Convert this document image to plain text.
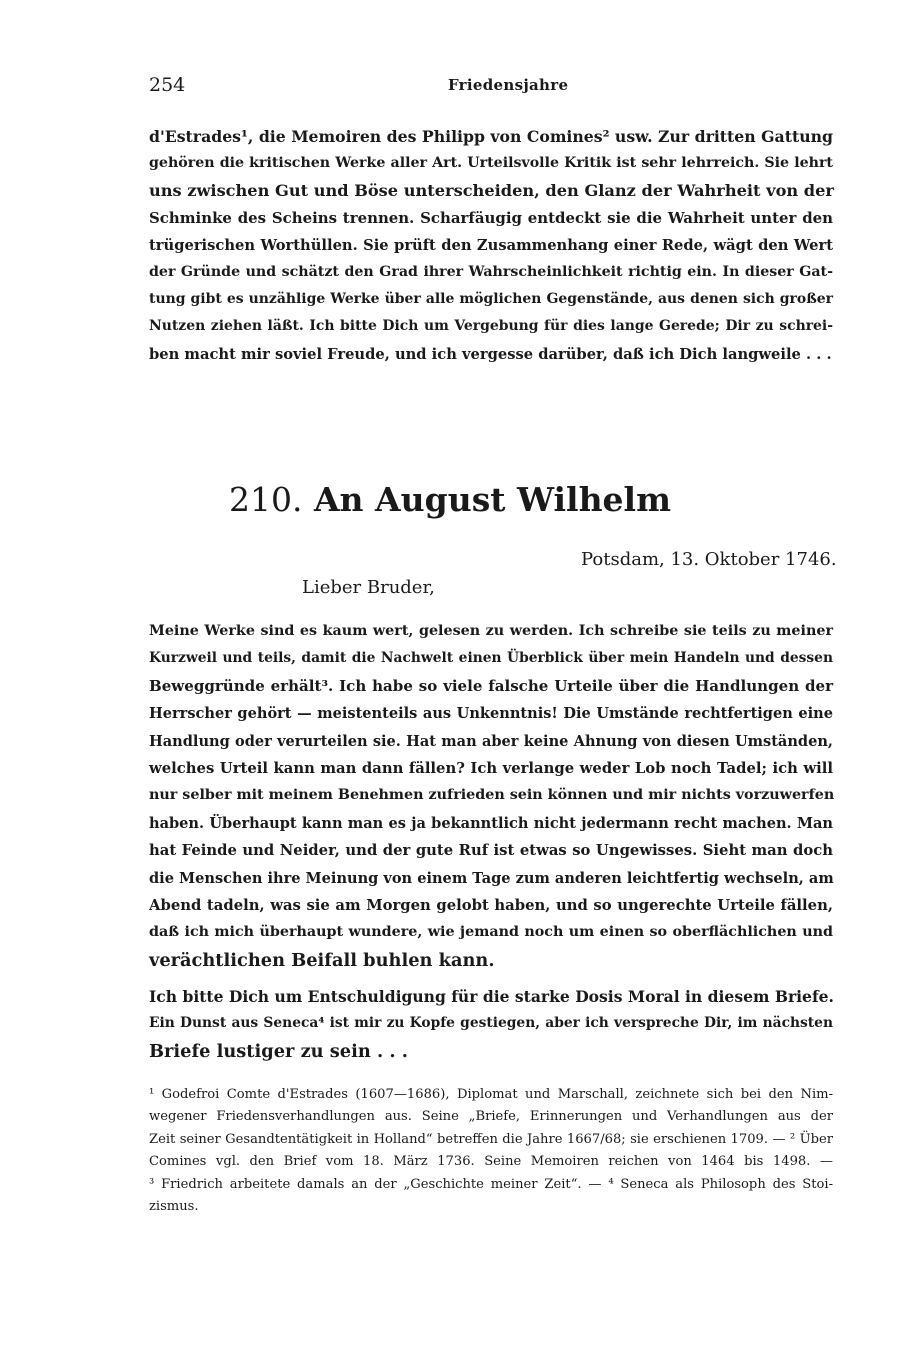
254	Friedensjahre
d'Estrades¹, die Memoiren des Philipp von Comines² usw. Zur dritten Gattung
gehören die kritischen Werke aller Art. Urteilsvolle Kritik ist sehr lehrreich. Sie lehrt
uns zwischen Gut und Böse unterscheiden, den Glanz der Wahrheit von der
Schminke des Scheins trennen. Scharfäugig entdeckt sie die Wahrheit unter den
trügerischen Worthüllen. Sie prüft den Zusammenhang einer Rede, wägt den Wert
der Gründe und schätzt den Grad ihrer Wahrscheinlichkeit richtig ein. In dieser Gat-
tung gibt es unzählige Werke über alle möglichen Gegenstände, aus denen sich großer
Nutzen ziehen läßt. Ich bitte Dich um Vergebung für dies lange Gerede; Dir zu schrei-
ben macht mir soviel Freude, und ich vergesse darüber, daß ich Dich langweile . . .
210. An August Wilhelm
Potsdam, 13. Oktober 1746.
Lieber Bruder,
Meine Werke sind es kaum wert, gelesen zu werden. Ich schreibe sie teils zu meiner
Kurzweil und teils, damit die Nachwelt einen Überblick über mein Handeln und dessen
Beweggründe erhält³. Ich habe so viele falsche Urteile über die Handlungen der
Herrscher gehört — meistenteils aus Unkenntnis! Die Umstände rechtfertigen eine
Handlung oder verurteilen sie. Hat man aber keine Ahnung von diesen Umständen,
welches Urteil kann man dann fällen? Ich verlange weder Lob noch Tadel; ich will
nur selber mit meinem Benehmen zufrieden sein können und mir nichts vorzuwerfen
haben. Überhaupt kann man es ja bekanntlich nicht jedermann recht machen. Man
hat Feinde und Neider, und der gute Ruf ist etwas so Ungewisses. Sieht man doch
die Menschen ihre Meinung von einem Tage zum anderen leichtfertig wechseln, am
Abend tadeln, was sie am Morgen gelobt haben, und so ungerechte Urteile fällen,
daß ich mich überhaupt wundere, wie jemand noch um einen so oberflächlichen und
verächtlichen Beifall buhlen kann.
Ich bitte Dich um Entschuldigung für die starke Dosis Moral in diesem Briefe.
Ein Dunst aus Seneca⁴ ist mir zu Kopfe gestiegen, aber ich verspreche Dir, im nächsten
Briefe lustiger zu sein . . .
¹ Godefroi Comte d'Estrades (1607—1686), Diplomat und Marschall, zeichnete sich bei den Nim-
wegener Friedensverhandlungen aus. Seine „Briefe, Erinnerungen und Verhandlungen aus der
Zeit seiner Gesandtentätigkeit in Holland“ betreffen die Jahre 1667/68; sie erschienen 1709. — ² Über
Comines vgl. den Brief vom 18. März 1736. Seine Memoiren reichen von 1464 bis 1498. —
³ Friedrich arbeitete damals an der „Geschichte meiner Zeit“. — ⁴ Seneca als Philosoph des Stoi-
zismus.
